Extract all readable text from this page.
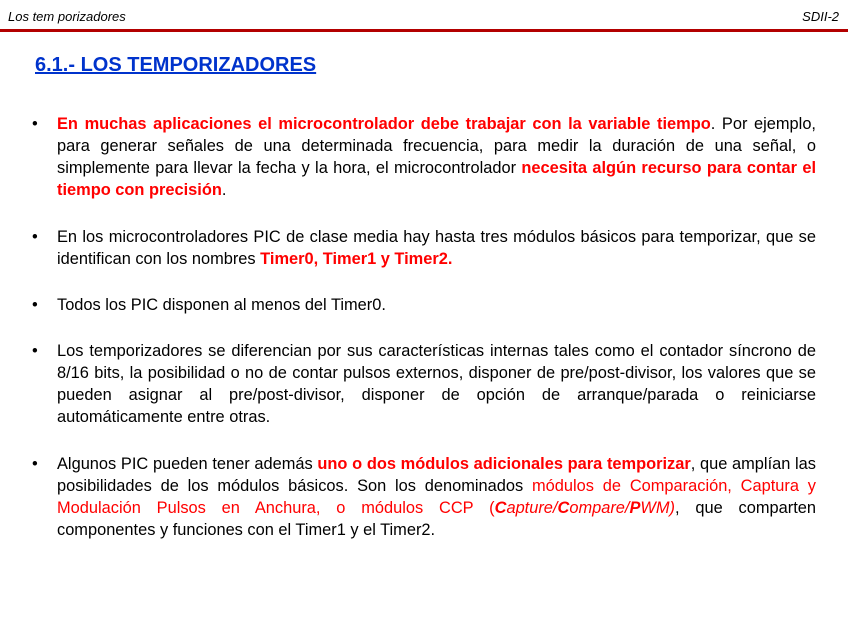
Los tem porizadores	SDII-2
6.1.- LOS TEMPORIZADORES
• En muchas aplicaciones el microcontrolador debe trabajar con la variable tiempo. Por ejemplo, para generar señales de una determinada frecuencia, para medir la duración de una señal, o simplemente para llevar la fecha y la hora, el microcontrolador necesita algún recurso para contar el tiempo con precisión.
• En los microcontroladores PIC de clase media hay hasta tres módulos básicos para temporizar, que se identifican con los nombres Timer0, Timer1 y Timer2.
• Todos los PIC disponen al menos del Timer0.
• Los temporizadores se diferencian por sus características internas tales como el contador síncrono de 8/16 bits, la posibilidad o no de contar pulsos externos, disponer de pre/post-divisor, los valores que se pueden asignar al pre/post-divisor, disponer de opción de arranque/parada o reiniciarse automáticamente entre otras.
• Algunos PIC pueden tener además uno o dos módulos adicionales para temporizar, que amplían las posibilidades de los módulos básicos. Son los denominados módulos de Comparación, Captura y Modulación Pulsos en Anchura, o módulos CCP (Capture/Compare/PWM), que comparten componentes y funciones con el Timer1 y el Timer2.
